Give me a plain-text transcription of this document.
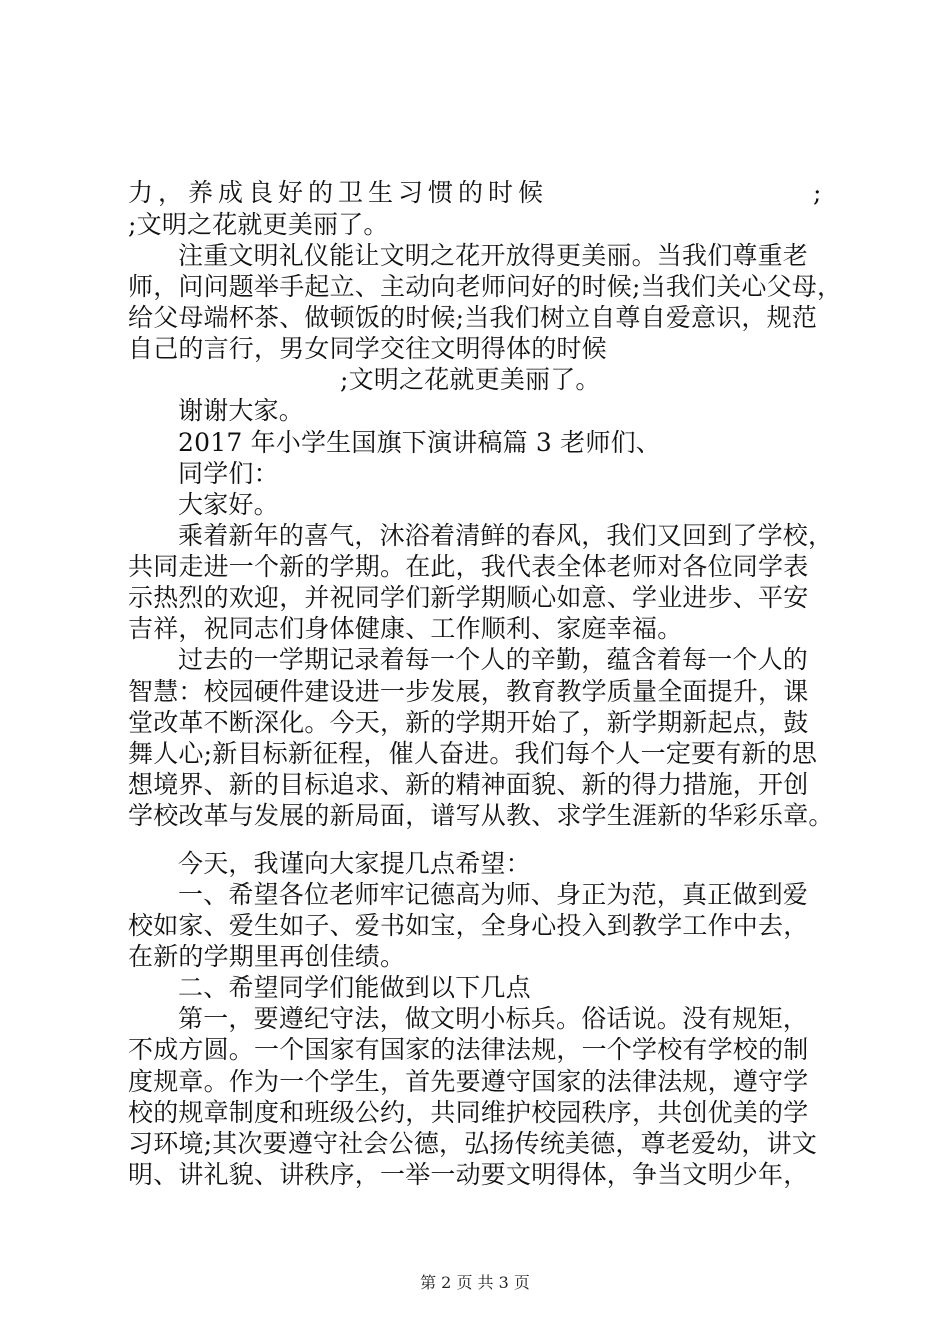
力，养成良好的卫生习惯的时候	;
;文明之花就更美丽了。
注重文明礼仪能让文明之花开放得更美丽。当我们尊重老
师，问问题举手起立、主动向老师问好的时候;当我们关心父母，
给父母端杯茶、做顿饭的时候;当我们树立自尊自爱意识，规范
自己的言行，男女同学交往文明得体的时候
;文明之花就更美丽了。
谢谢大家。
2017 年小学生国旗下演讲稿篇 3 老师们、
同学们：
大家好。
乘着新年的喜气，沐浴着清鲜的春风，我们又回到了学校，
共同走进一个新的学期。在此，我代表全体老师对各位同学表
示热烈的欢迎，并祝同学们新学期顺心如意、学业进步、平安
吉祥，祝同志们身体健康、工作顺利、家庭幸福。
过去的一学期记录着每一个人的辛勤，蕴含着每一个人的
智慧：校园硬件建设进一步发展，教育教学质量全面提升，课
堂改革不断深化。今天，新的学期开始了，新学期新起点，鼓
舞人心;新目标新征程，催人奋进。我们每个人一定要有新的思
想境界、新的目标追求、新的精神面貌、新的得力措施，开创
学校改革与发展的新局面，谱写从教、求学生涯新的华彩乐章。
今天，我谨向大家提几点希望：
一、希望各位老师牢记德高为师、身正为范，真正做到爱
校如家、爱生如子、爱书如宝，全身心投入到教学工作中去，
在新的学期里再创佳绩。
二、希望同学们能做到以下几点
第一，要遵纪守法，做文明小标兵。俗话说。没有规矩，
不成方圆。一个国家有国家的法律法规，一个学校有学校的制
度规章。作为一个学生，首先要遵守国家的法律法规，遵守学
校的规章制度和班级公约，共同维护校园秩序，共创优美的学
习环境;其次要遵守社会公德，弘扬传统美德，尊老爱幼，讲文
明、讲礼貌、讲秩序，一举一动要文明得体，争当文明少年，
第 2 页 共 3 页
